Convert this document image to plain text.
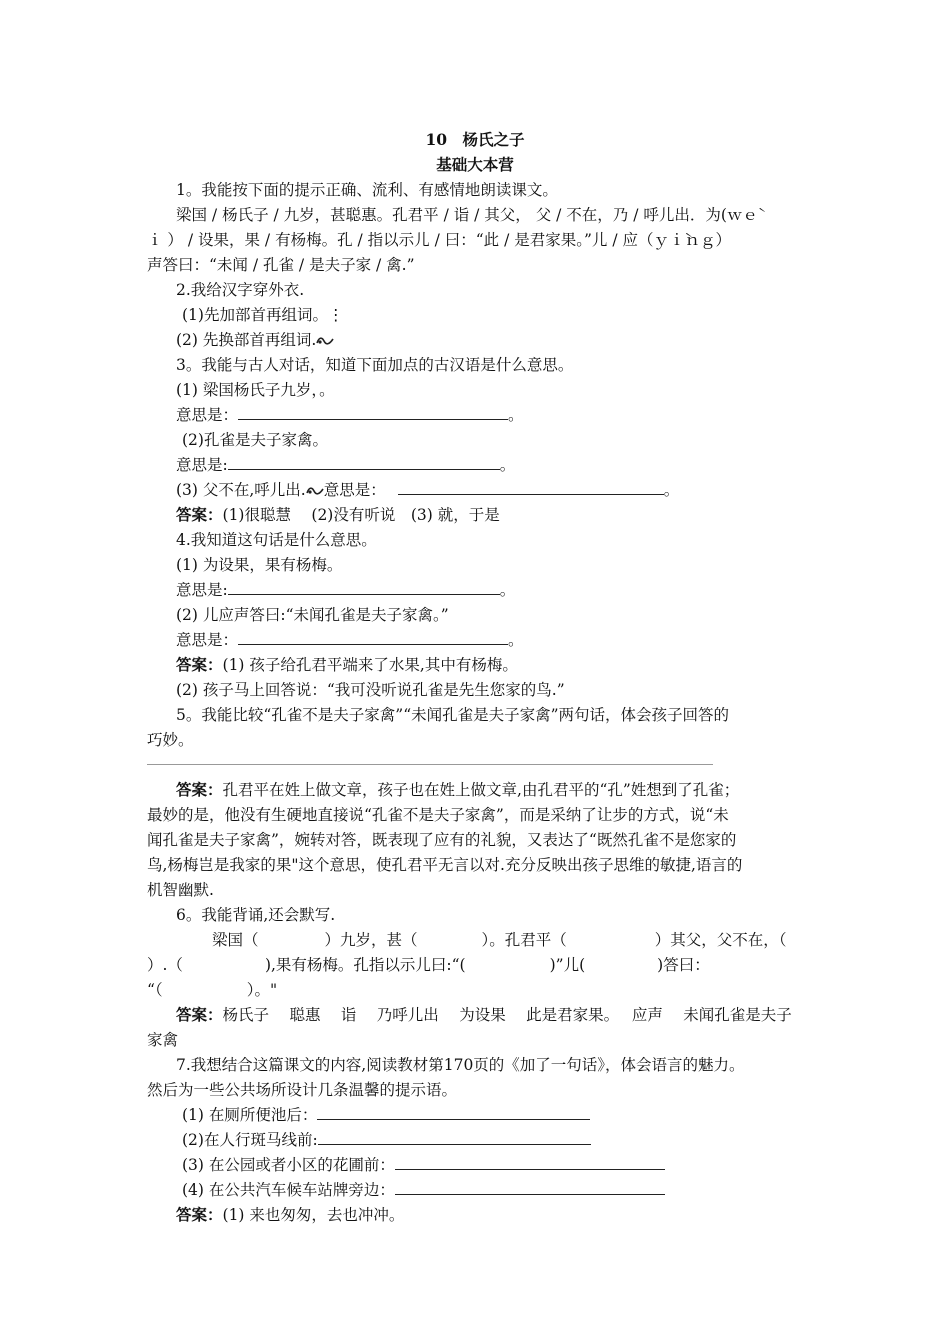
10　杨氏之子
基础大本营
1。我能按下面的提示正确、流利、有感情地朗读课文。
梁国 / 杨氏子 / 九岁，甚聪惠。孔君平 / 诣 / 其父， 父 / 不在，乃 / 呼儿出．为(ｗｅ̀
ｉ ） / 设果，果 / 有杨梅。孔 / 指以示儿 / 曰：“此 / 是君家果。”儿 / 应（ｙｉ̀ｎｇ）
声答曰：“未闻 / 孔雀 / 是夫子家 / 禽.”
2.我给汉字穿外衣.
(1)先加部首再组词。⋮
(2) 先换部首再组词.
3。我能与古人对话，知道下面加点的古汉语是什么意思。
(1) 梁国杨氏子九岁，。
意思是：	。
(2)孔雀是夫子家禽。
意思是:	。
(3) 父不在,呼儿出. 意思是：	。
答案：(1)很聪慧　 (2)没有听说　(3) 就，于是
4.我知道这句话是什么意思。
(1) 为设果，果有杨梅。
意思是:	。
(2) 儿应声答曰:“未闻孔雀是夫子家禽。”
意思是：	。
答案：(1) 孩子给孔君平端来了水果,其中有杨梅。
(2) 孩子马上回答说：“我可没听说孔雀是先生您家的鸟.”
5。我能比较“孔雀不是夫子家禽”“未闻孔雀是夫子家禽”两句话，体会孩子回答的
巧妙。
答案：孔君平在姓上做文章，孩子也在姓上做文章,由孔君平的“孔”姓想到了孔雀；
最妙的是，他没有生硬地直接说“孔雀不是夫子家禽”，而是采纳了让步的方式，说“未
闻孔雀是夫子家禽”，婉转对答，既表现了应有的礼貌，又表达了“既然孔雀不是您家的
鸟,杨梅岂是我家的果"这个意思，使孔君平无言以对.充分反映出孩子思维的敏捷,语言的
机智幽默.
6。我能背诵,还会默写.
梁国（	）九岁，甚（	）。孔君平（	）其父，父不在，（
）.（	),果有杨梅。孔指以示儿曰:“(	)”儿(	)答曰：
“（	）。"
答案：杨氏子　 聪惠　 诣　 乃呼儿出　 为设果　 此是君家果。　 应声　 未闻孔雀是夫子
家禽
7.我想结合这篇课文的内容,阅读教材第170页的《加了一句话》，体会语言的魅力。
然后为一些公共场所设计几条温馨的提示语。
(1) 在厕所便池后：
(2)在人行斑马线前:
(3) 在公园或者小区的花圃前：
(4) 在公共汽车候车站牌旁边：
答案：(1) 来也匆匆，去也冲冲。
